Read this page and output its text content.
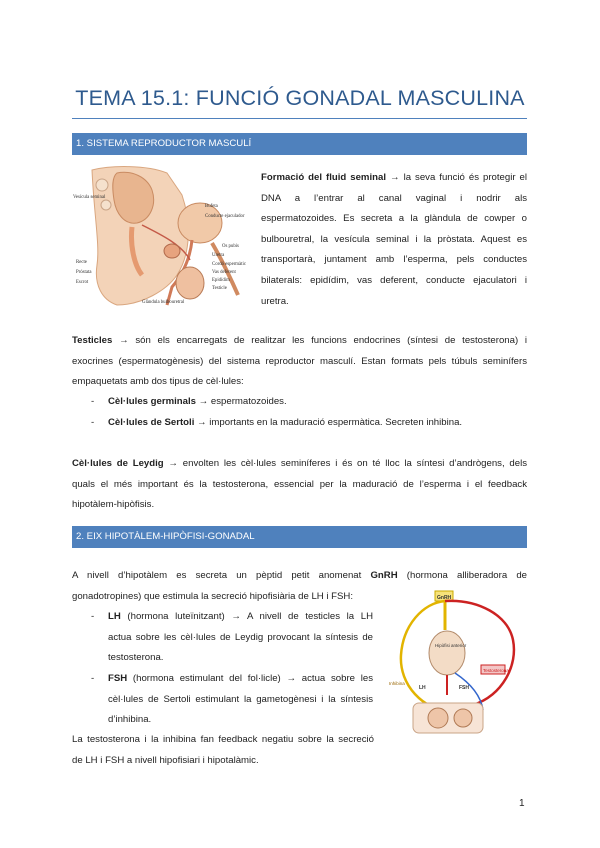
TEMA 15.1: FUNCIÓ GONADAL MASCULINA
1. SISTEMA REPRODUCTOR MASCULÍ
Vesícula seminal
Bufeta
Conducte ejaculador
Recte
Os pubis
Uretra
Próstata
Cordó espermàtic
Vas deferent
Epidídim
Testicle
Escrot
Glàndula bulbouretral
Formació del fluid seminal → la seva funció és protegir el
DNA a l’entrar al canal vaginal i nodrir als
espermatozoides. Es secreta a la glàndula de cowper o
bulbouretral, la vesícula seminal i la pròstata. Aquest es
transportarà, juntament amb l’esperma, pels conductes
bilaterals: epidídim, vas deferent, conducte ejaculatori i
uretra.
Testicles → són els encarregats de realitzar les funcions endocrines (síntesi de testosterona) i
exocrines (espermatogènesis) del sistema reproductor masculí. Estan formats pels túbuls seminífers
empaquetats amb dos tipus de cèl·lules:
- Cèl·lules germinals → espermatozoides.
- Cèl·lules de Sertoli → importants en la maduració espermàtica. Secreten inhibina.
Cèl·lules de Leydig → envolten les cèl·lules seminíferes i és on té lloc la síntesi d’andrògens, dels
quals el més important és la testosterona, essencial per la maduració de l’esperma i el feedback
hipotàlem-hipòfisis.
2. EIX HIPOTÀLEM-HIPÒFISI-GONADAL
A nivell d’hipotàlem es secreta un pèptid petit anomenat GnRH (hormona alliberadora de
gonadotropines) que estimula la secreció hipofisiària de LH i FSH:
- LH (hormona luteïnitzant) → A nivell de testicles la LH
actua sobre les cèl·lules de Leydig provocant la síntesis de
testosterona.
- FSH (hormona estimulant del fol·licle) → actua sobre les
cèl·lules de Sertoli estimulant la gametogènesi i la síntesis
d’inhibina.
La testosterona i la inhibina fan feedback negatiu sobre la secreció
de LH i FSH a nivell hipofisiari i hipotalàmic.
GnRH
Hipòfisi anterior
Testosterona
LH	FSH
Inhibina
1
